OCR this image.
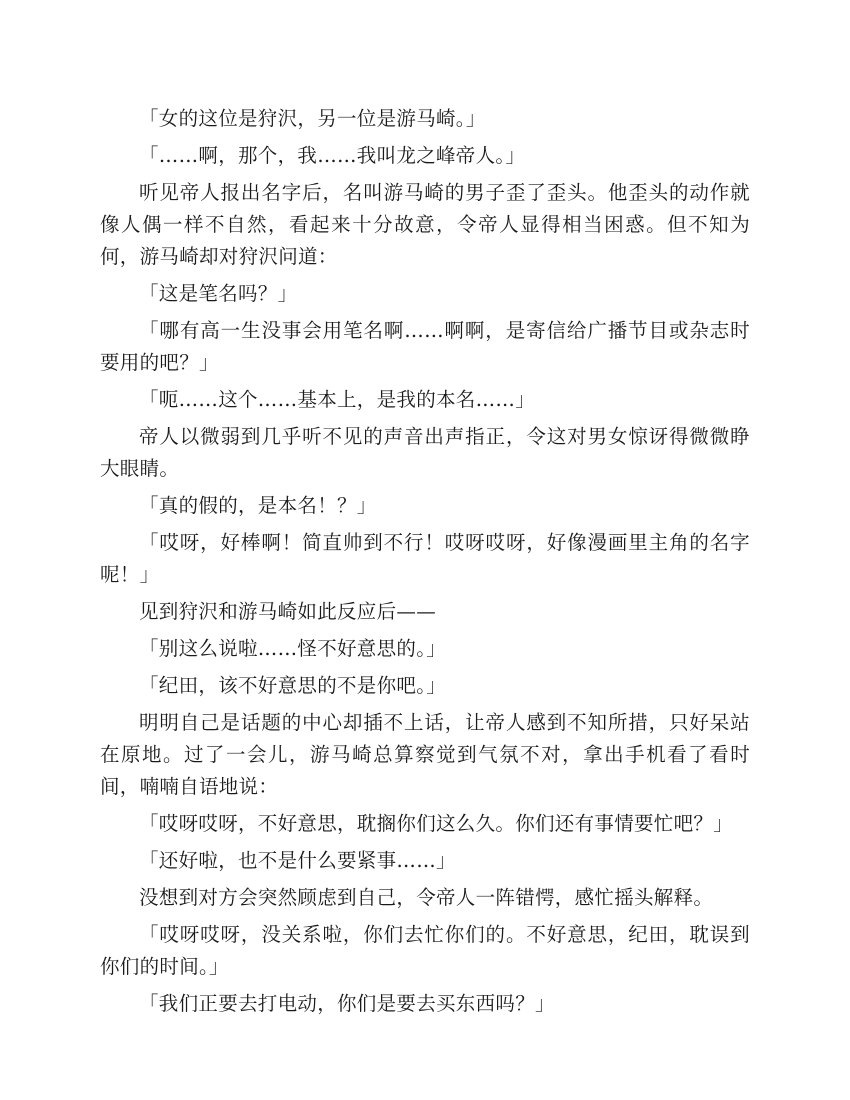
「女的这位是狩沢，另一位是游马崎。」

「……啊，那个，我……我叫龙之峰帝人。」

听见帝人报出名字后，名叫游马崎的男子歪了歪头。他歪头的动作就像人偶一样不自然，看起来十分故意，令帝人显得相当困惑。但不知为何，游马崎却对狩沢问道：

「这是笔名吗？」

「哪有高一生没事会用笔名啊……啊啊，是寄信给广播节目或杂志时要用的吧？」

「呃……这个……基本上，是我的本名……」

帝人以微弱到几乎听不见的声音出声指正，令这对男女惊讶得微微睁大眼睛。

「真的假的，是本名！？」

「哎呀，好棒啊！简直帅到不行！哎呀哎呀，好像漫画里主角的名字呢！」

见到狩沢和游马崎如此反应后——

「别这么说啦……怪不好意思的。」

「纪田，该不好意思的不是你吧。」

明明自己是话题的中心却插不上话，让帝人感到不知所措，只好呆站在原地。过了一会儿，游马崎总算察觉到气氛不对，拿出手机看了看时间，喃喃自语地说：

「哎呀哎呀，不好意思，耽搁你们这么久。你们还有事情要忙吧？」

「还好啦，也不是什么要紧事……」

没想到对方会突然顾虑到自己，令帝人一阵错愕，感忙摇头解释。

「哎呀哎呀，没关系啦，你们去忙你们的。不好意思，纪田，耽误到你们的时间。」

「我们正要去打电动，你们是要去买东西吗？」
